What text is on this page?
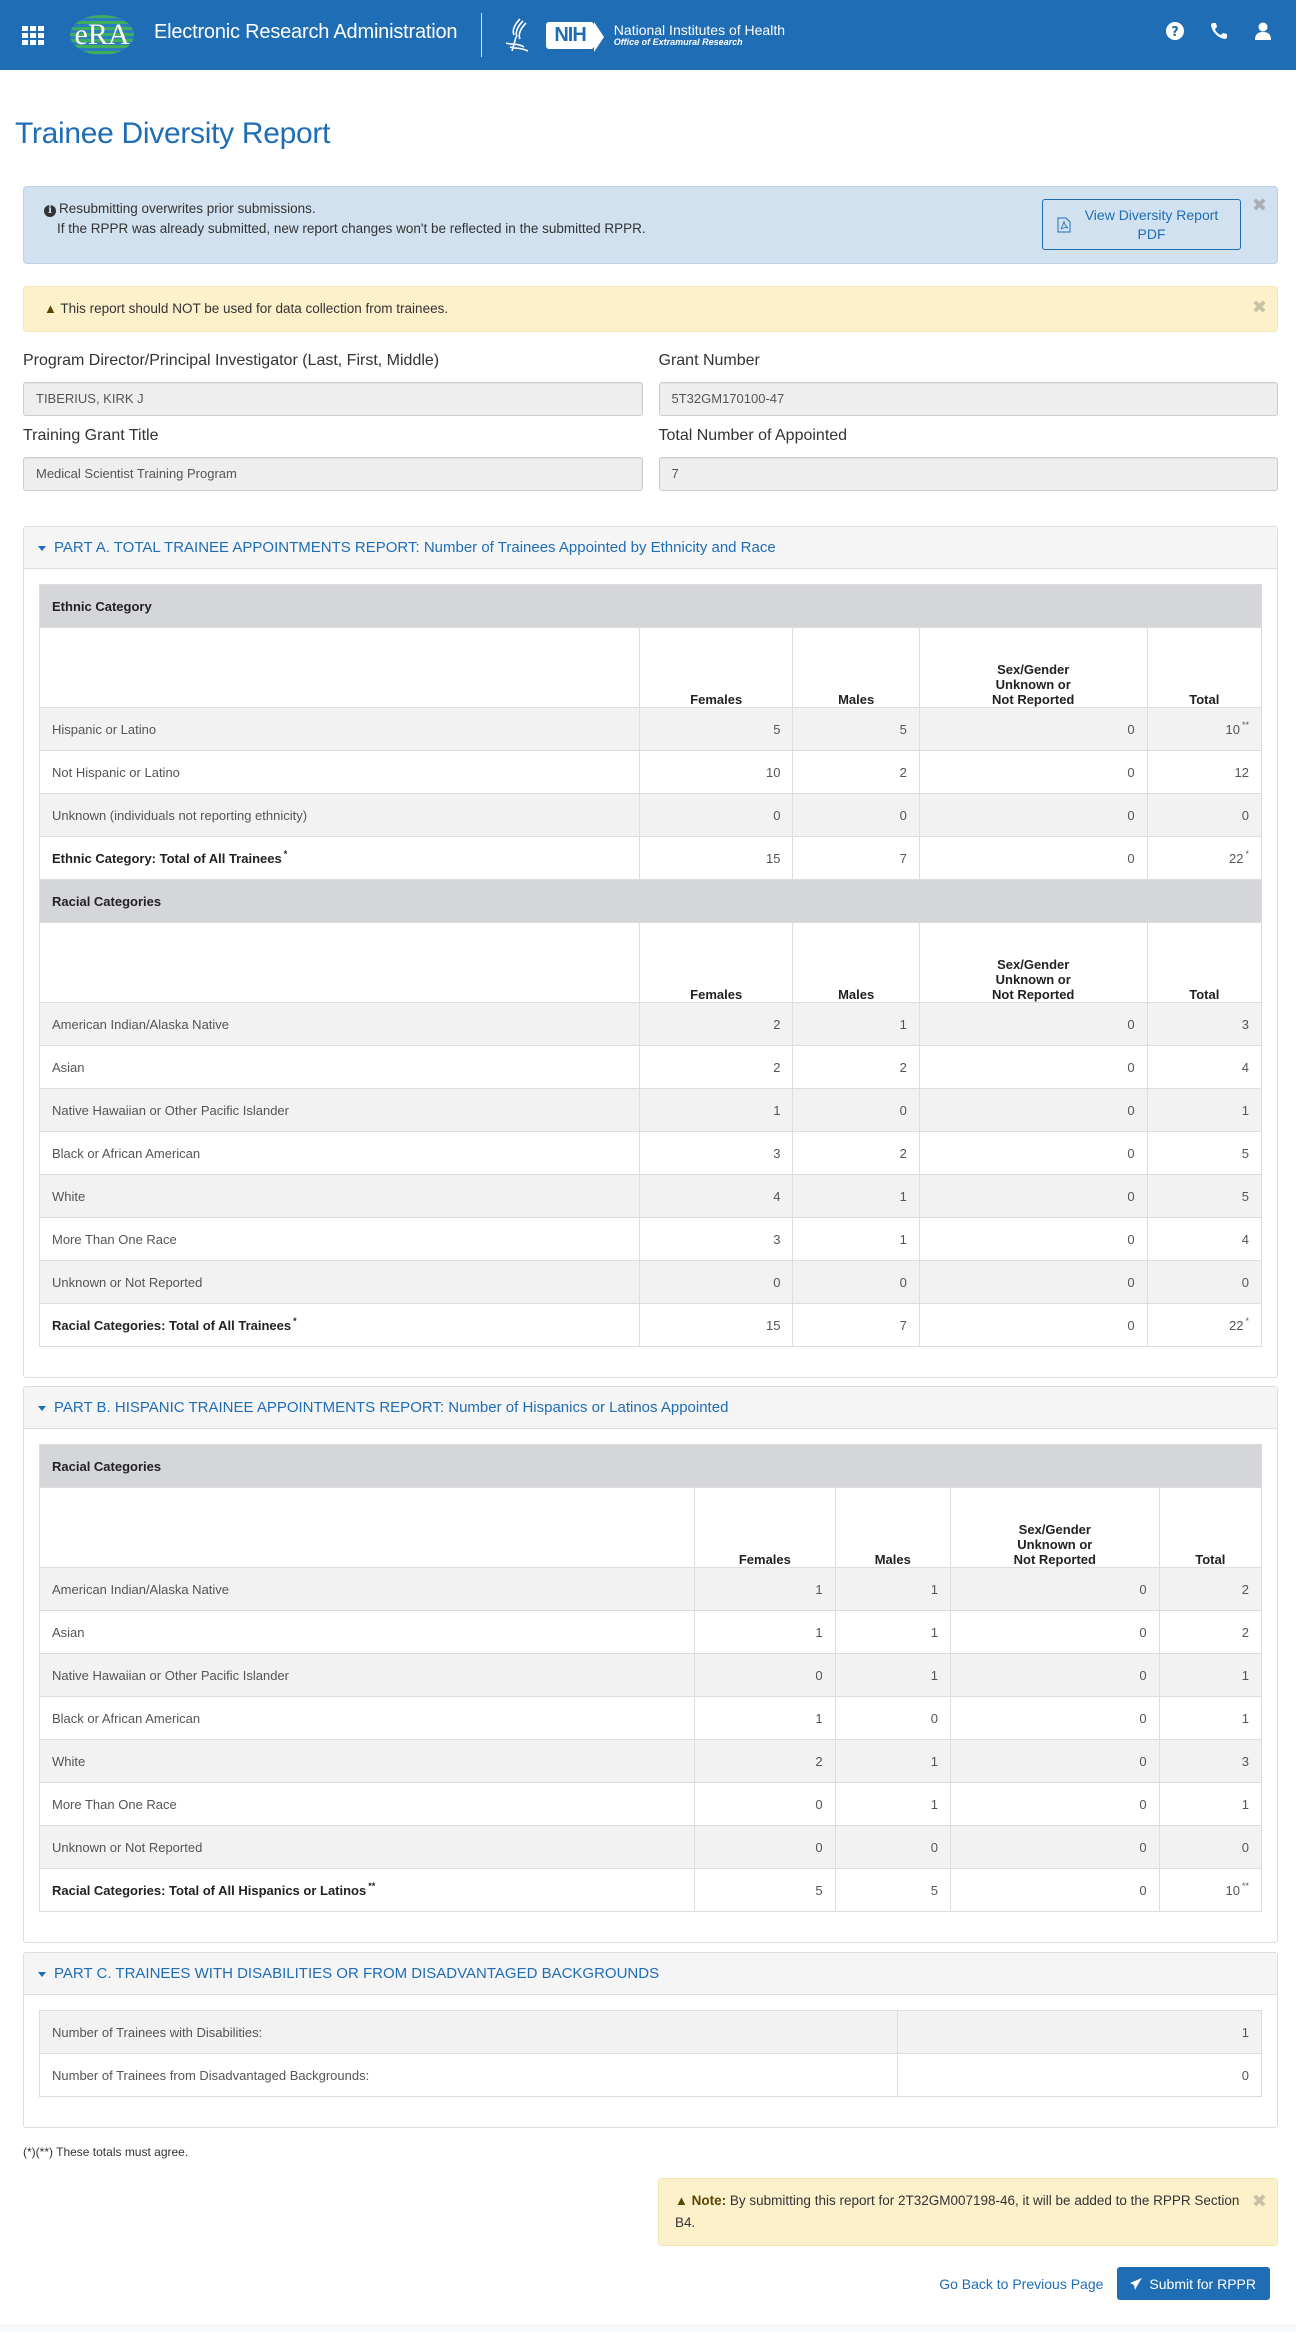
eRA Electronic Research Administration	NIH	National Institutes of Health
Office of Extramural Research
?
Trainee Diversity Report
i Resubmitting overwrites prior submissions.
If the RPPR was already submitted, new report changes won't be reflected in the submitted RPPR.
View Diversity Report PDF
✖
▲ This report should NOT be used for data collection from trainees.	✖
Program Director/Principal Investigator (Last, First, Middle)
TIBERIUS, KIRK J
Grant Number
5T32GM170100-47
Training Grant Title
Medical Scientist Training Program
Total Number of Appointed
7
PART A. TOTAL TRAINEE APPOINTMENTS REPORT: Number of Trainees Appointed by Ethnicity and Race
Ethnic Category				
	Females	Males	Sex/Gender
Unknown or
Not Reported	Total
Hispanic or Latino	5	5	0	10 **
Not Hispanic or Latino	10	2	0	12
Unknown (individuals not reporting ethnicity)	0	0	0	0
Ethnic Category: Total of All Trainees *	15	7	0	22 *
Racial Categories				
	Females	Males	Sex/Gender
Unknown or
Not Reported	Total
American Indian/Alaska Native	2	1	0	3
Asian	2	2	0	4
Native Hawaiian or Other Pacific Islander	1	0	0	1
Black or African American	3	2	0	5
White	4	1	0	5
More Than One Race	3	1	0	4
Unknown or Not Reported	0	0	0	0
Racial Categories: Total of All Trainees *	15	7	0	22 *
PART B. HISPANIC TRAINEE APPOINTMENTS REPORT: Number of Hispanics or Latinos Appointed
Racial Categories				
	Females	Males	Sex/Gender
Unknown or
Not Reported	Total
American Indian/Alaska Native	1	1	0	2
Asian	1	1	0	2
Native Hawaiian or Other Pacific Islander	0	1	0	1
Black or African American	1	0	0	1
White	2	1	0	3
More Than One Race	0	1	0	1
Unknown or Not Reported	0	0	0	0
Racial Categories: Total of All Hispanics or Latinos **	5	5	0	10 **
PART C. TRAINEES WITH DISABILITIES OR FROM DISADVANTAGED BACKGROUNDS
Number of Trainees with Disabilities:	1
Number of Trainees from Disadvantaged Backgrounds:	0
(*)(**) These totals must agree.
▲ Note: By submitting this report for 2T32GM007198-46, it will be added to the RPPR Section B4.
✖
Go Back to Previous Page	Submit for RPPR
